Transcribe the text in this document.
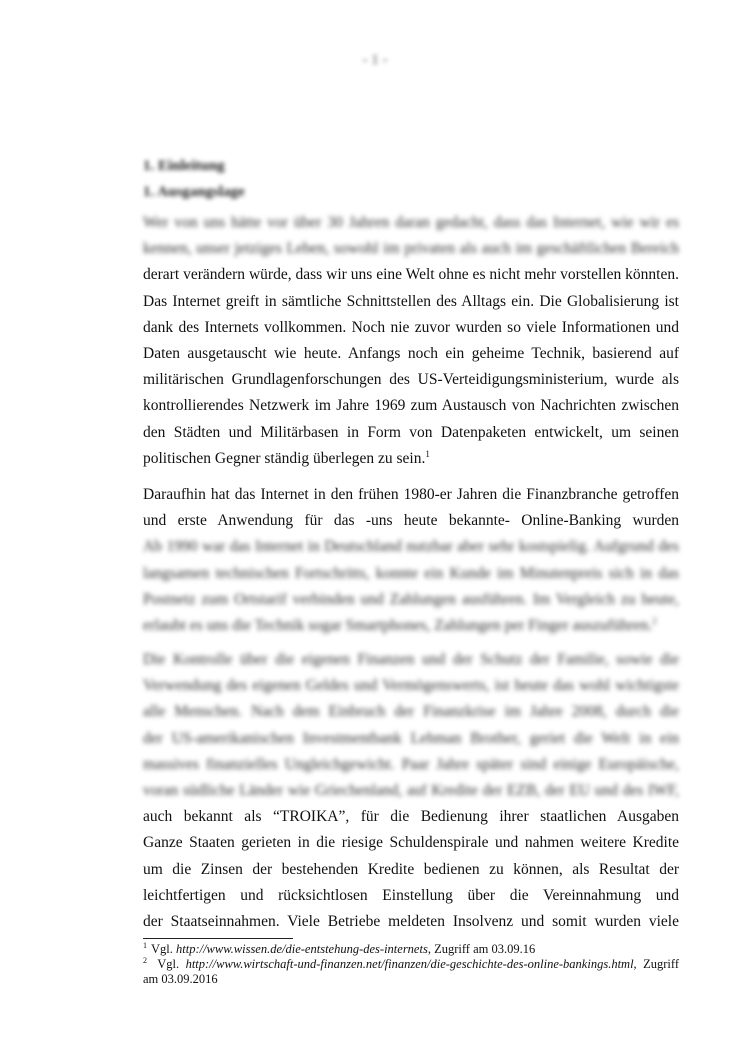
- 1 -
1. Einleitung
1. Ausgangslage
Wer von uns hätte vor über 30 Jahren daran gedacht, dass das Internet, wie wir es
kennen, unser jetziges Leben, sowohl im privaten als auch im geschäftlichen Bereich
derart verändern würde, dass wir uns eine Welt ohne es nicht mehr vorstellen könnten.
Das Internet greift in sämtliche Schnittstellen des Alltags ein. Die Globalisierung ist
dank des Internets vollkommen. Noch nie zuvor wurden so viele Informationen und
Daten ausgetauscht wie heute. Anfangs noch ein geheime Technik, basierend auf
militärischen Grundlagenforschungen des US-Verteidigungsministerium, wurde als
kontrollierendes Netzwerk im Jahre 1969 zum Austausch von Nachrichten zwischen
den Städten und Militärbasen in Form von Datenpaketen entwickelt, um seinen
politischen Gegner ständig überlegen zu sein.$^1$
Daraufhin hat das Internet in den frühen 1980-er Jahren die Finanzbranche getroffen
und erste Anwendung für das -uns heute bekannte- Online-Banking wurden
Ab 1990 war das Internet in Deutschland nutzbar aber sehr kostspielig. Aufgrund des
langsamen technischen Fortschritts, konnte ein Kunde im Minutenpreis sich in das
Postnetz zum Ortstarif verbinden und Zahlungen ausführen. Im Vergleich zu heute,
erlaubt es uns die Technik sogar Smartphones, Zahlungen per Finger auszuführen.$^2$
Die Kontrolle über die eigenen Finanzen und der Schutz der Familie, sowie die
Verwendung des eigenen Geldes und Vermögenswerts, ist heute das wohl wichtigste
alle Menschen. Nach dem Einbruch der Finanzkrise im Jahre 2008, durch die
der US-amerikanischen Investmentbank Lehman Brother, geriet die Welt in ein
massives finanzielles Ungleichgewicht. Paar Jahre später sind einige Europäische,
voran südliche Länder wie Griechenland, auf Kredite der EZB, der EU und des IWF,
auch bekannt als “TROIKA”, für die Bedienung ihrer staatlichen Ausgaben
Ganze Staaten gerieten in die riesige Schuldenspirale und nahmen weitere Kredite
um die Zinsen der bestehenden Kredite bedienen zu können, als Resultat der
leichtfertigen und rücksichtlosen Einstellung über die Vereinnahmung und
der Staatseinnahmen. Viele Betriebe meldeten Insolvenz und somit wurden viele
$^1$ Vgl. http://www.wissen.de/die-entstehung-des-internets, Zugriff am 03.09.16
$^2$ Vgl. http://www.wirtschaft-und-finanzen.net/finanzen/die-geschichte-des-online-bankings.html, Zugriff
am 03.09.2016
